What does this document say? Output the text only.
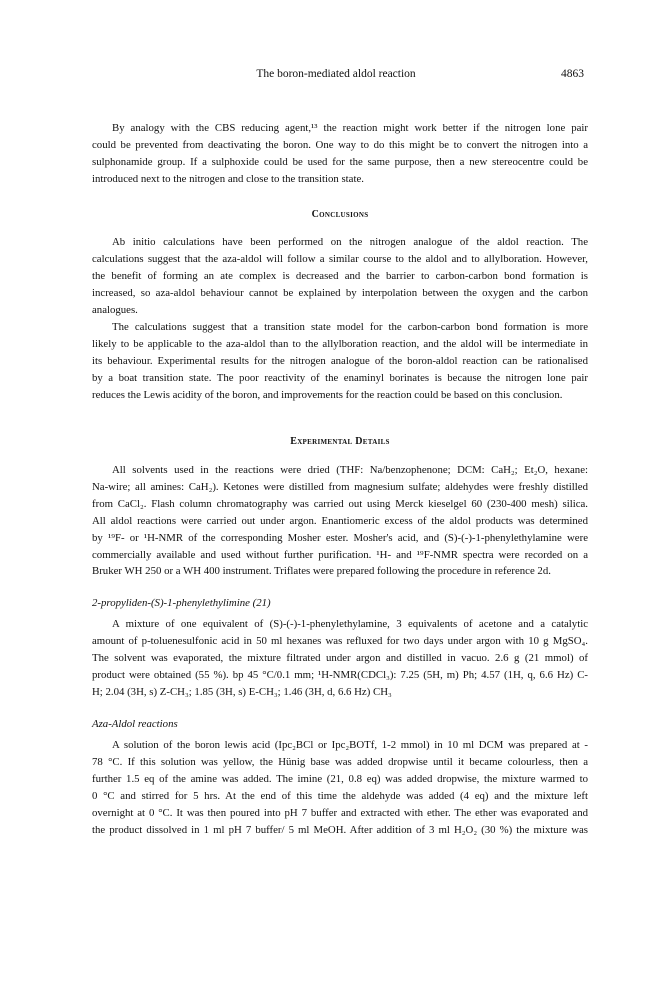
The boron-mediated aldol reaction	4863
By analogy with the CBS reducing agent,¹³ the reaction might work better if the nitrogen lone pair
could be prevented from deactivating the boron. One way to do this might be to convert the nitrogen into a
sulphonamide group. If a sulphoxide could be used for the same purpose, then a new stereocentre could be
introduced next to the nitrogen and close to the transition state.
Conclusions
Ab initio calculations have been performed on the nitrogen analogue of the aldol reaction. The
calculations suggest that the aza-aldol will follow a similar course to the aldol and to allylboration. However,
the benefit of forming an ate complex is decreased and the barrier to carbon-carbon bond formation is
increased, so aza-aldol behaviour cannot be explained by interpolation between the oxygen and the carbon
analogues.
The calculations suggest that a transition state model for the carbon-carbon bond formation is more
likely to be applicable to the aza-aldol than to the allylboration reaction, and the aldol will be intermediate in
its behaviour. Experimental results for the nitrogen analogue of the boron-aldol reaction can be rationalised
by a boat transition state. The poor reactivity of the enaminyl borinates is because the nitrogen lone pair
reduces the Lewis acidity of the boron, and improvements for the reaction could be based on this conclusion.
Experimental Details
All solvents used in the reactions were dried (THF: Na/benzophenone; DCM: CaH₂; Et₂O, hexane:
Na-wire; all amines: CaH₂). Ketones were distilled from magnesium sulfate; aldehydes were freshly distilled
from CaCl₂. Flash column chromatography was carried out using Merck kieselgel 60 (230-400 mesh) silica.
All aldol reactions were carried out under argon. Enantiomeric excess of the aldol products was determined
by ¹⁹F- or ¹H-NMR of the corresponding Mosher ester. Mosher's acid, and (S)-(-)-1-phenylethylamine were
commercially available and used without further purification. ¹H- and ¹⁹F-NMR spectra were recorded on a
Bruker WH 250 or a WH 400 instrument. Triflates were prepared following the procedure in reference 2d.
2-propyliden-(S)-1-phenylethylimine (21)
A mixture of one equivalent of (S)-(-)-1-phenylethylamine, 3 equivalents of acetone and a catalytic
amount of p-toluenesulfonic acid in 50 ml hexanes was refluxed for two days under argon with 10 g MgSO₄.
The solvent was evaporated, the mixture filtrated under argon and distilled in vacuo. 2.6 g (21 mmol) of
product were obtained (55 %). bp 45 °C/0.1 mm; ¹H-NMR(CDCl₃): 7.25 (5H, m) Ph; 4.57 (1H, q, 6.6 Hz) C-
H; 2.04 (3H, s) Z-CH₃; 1.85 (3H, s) E-CH₃; 1.46 (3H, d, 6.6 Hz) CH₃
Aza-Aldol reactions
A solution of the boron lewis acid (Ipc₂BCl or Ipc₂BOTf, 1-2 mmol) in 10 ml DCM was prepared at -
78 °C. If this solution was yellow, the Hünig base was added dropwise until it became colourless, then a
further 1.5 eq of the amine was added. The imine (21, 0.8 eq) was added dropwise, the mixture warmed to
0 °C and stirred for 5 hrs. At the end of this time the aldehyde was added (4 eq) and the mixture left
overnight at 0 °C. It was then poured into pH 7 buffer and extracted with ether. The ether was evaporated and
the product dissolved in 1 ml pH 7 buffer/ 5 ml MeOH. After addition of 3 ml H₂O₂ (30 %) the mixture was
